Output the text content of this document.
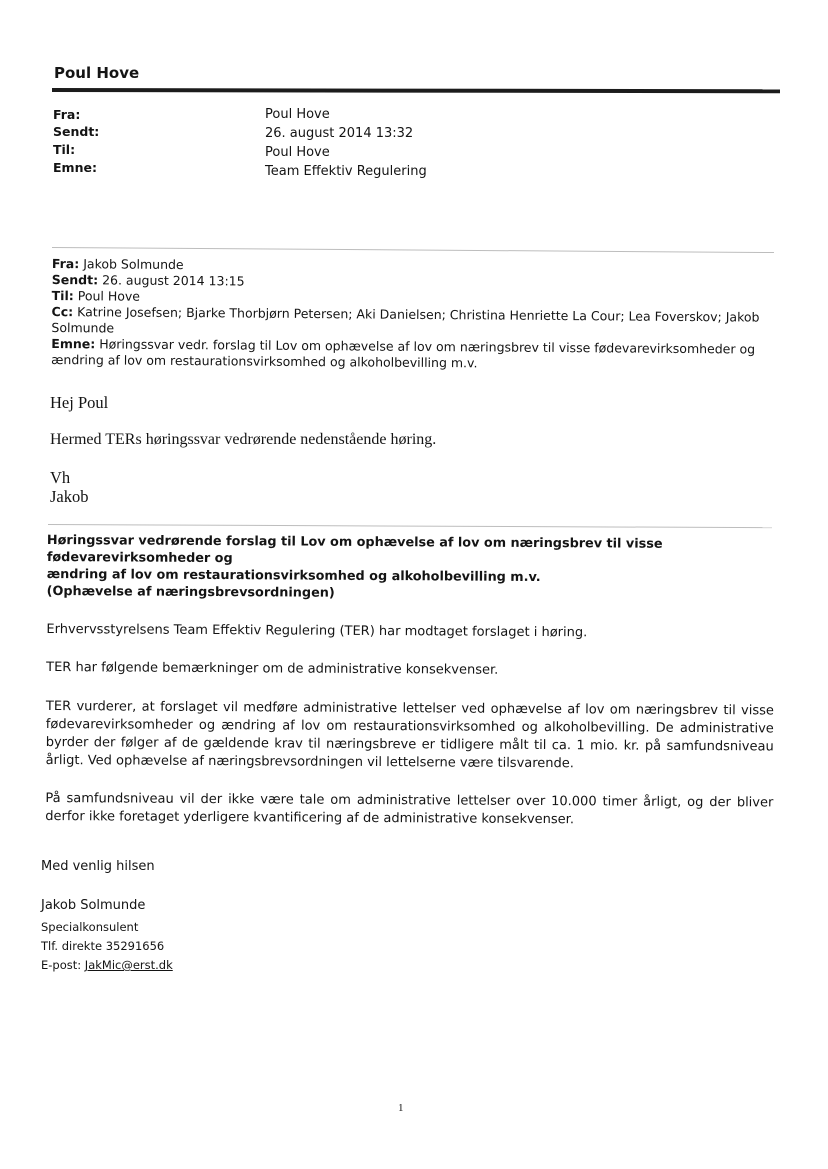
Poul Hove
Fra:	Poul Hove
Sendt:	26. august 2014 13:32
Til:	Poul Hove
Emne:	Team Effektiv Regulering
Fra: Jakob Solmunde
Sendt: 26. august 2014 13:15
Til: Poul Hove
Cc: Katrine Josefsen; Bjarke Thorbjørn Petersen; Aki Danielsen; Christina Henriette La Cour; Lea Foverskov; Jakob Solmunde
Emne: Høringssvar vedr. forslag til Lov om ophævelse af lov om næringsbrev til visse fødevarevirksomheder og ændring af lov om restaurationsvirksomhed og alkoholbevilling m.v.
Hej Poul
Hermed TERs høringssvar vedrørende nedenstående høring.
Vh
Jakob
Høringssvar vedrørende forslag til Lov om ophævelse af lov om næringsbrev til visse fødevarevirksomheder og
ændring af lov om restaurationsvirksomhed og alkoholbevilling m.v.
(Ophævelse af næringsbrevsordningen)

Erhvervsstyrelsens Team Effektiv Regulering (TER) har modtaget forslaget i høring.

TER har følgende bemærkninger om de administrative konsekvenser.

TER vurderer, at forslaget vil medføre administrative lettelser ved ophævelse af lov om næringsbrev til visse fødevarevirksomheder og ændring af lov om restaurationsvirksomhed og alkoholbevilling. De administrative byrder der følger af de gældende krav til næringsbreve er tidligere målt til ca. 1 mio. kr. på samfundsniveau årligt. Ved ophævelse af næringsbrevsordningen vil lettelserne være tilsvarende.

På samfundsniveau vil der ikke være tale om administrative lettelser over 10.000 timer årligt, og der bliver derfor ikke foretaget yderligere kvantificering af de administrative konsekvenser.

Med venlig hilsen
Jakob Solmunde
Specialkonsulent
Tlf. direkte 35291656
E-post: JakMic@erst.dk
1
